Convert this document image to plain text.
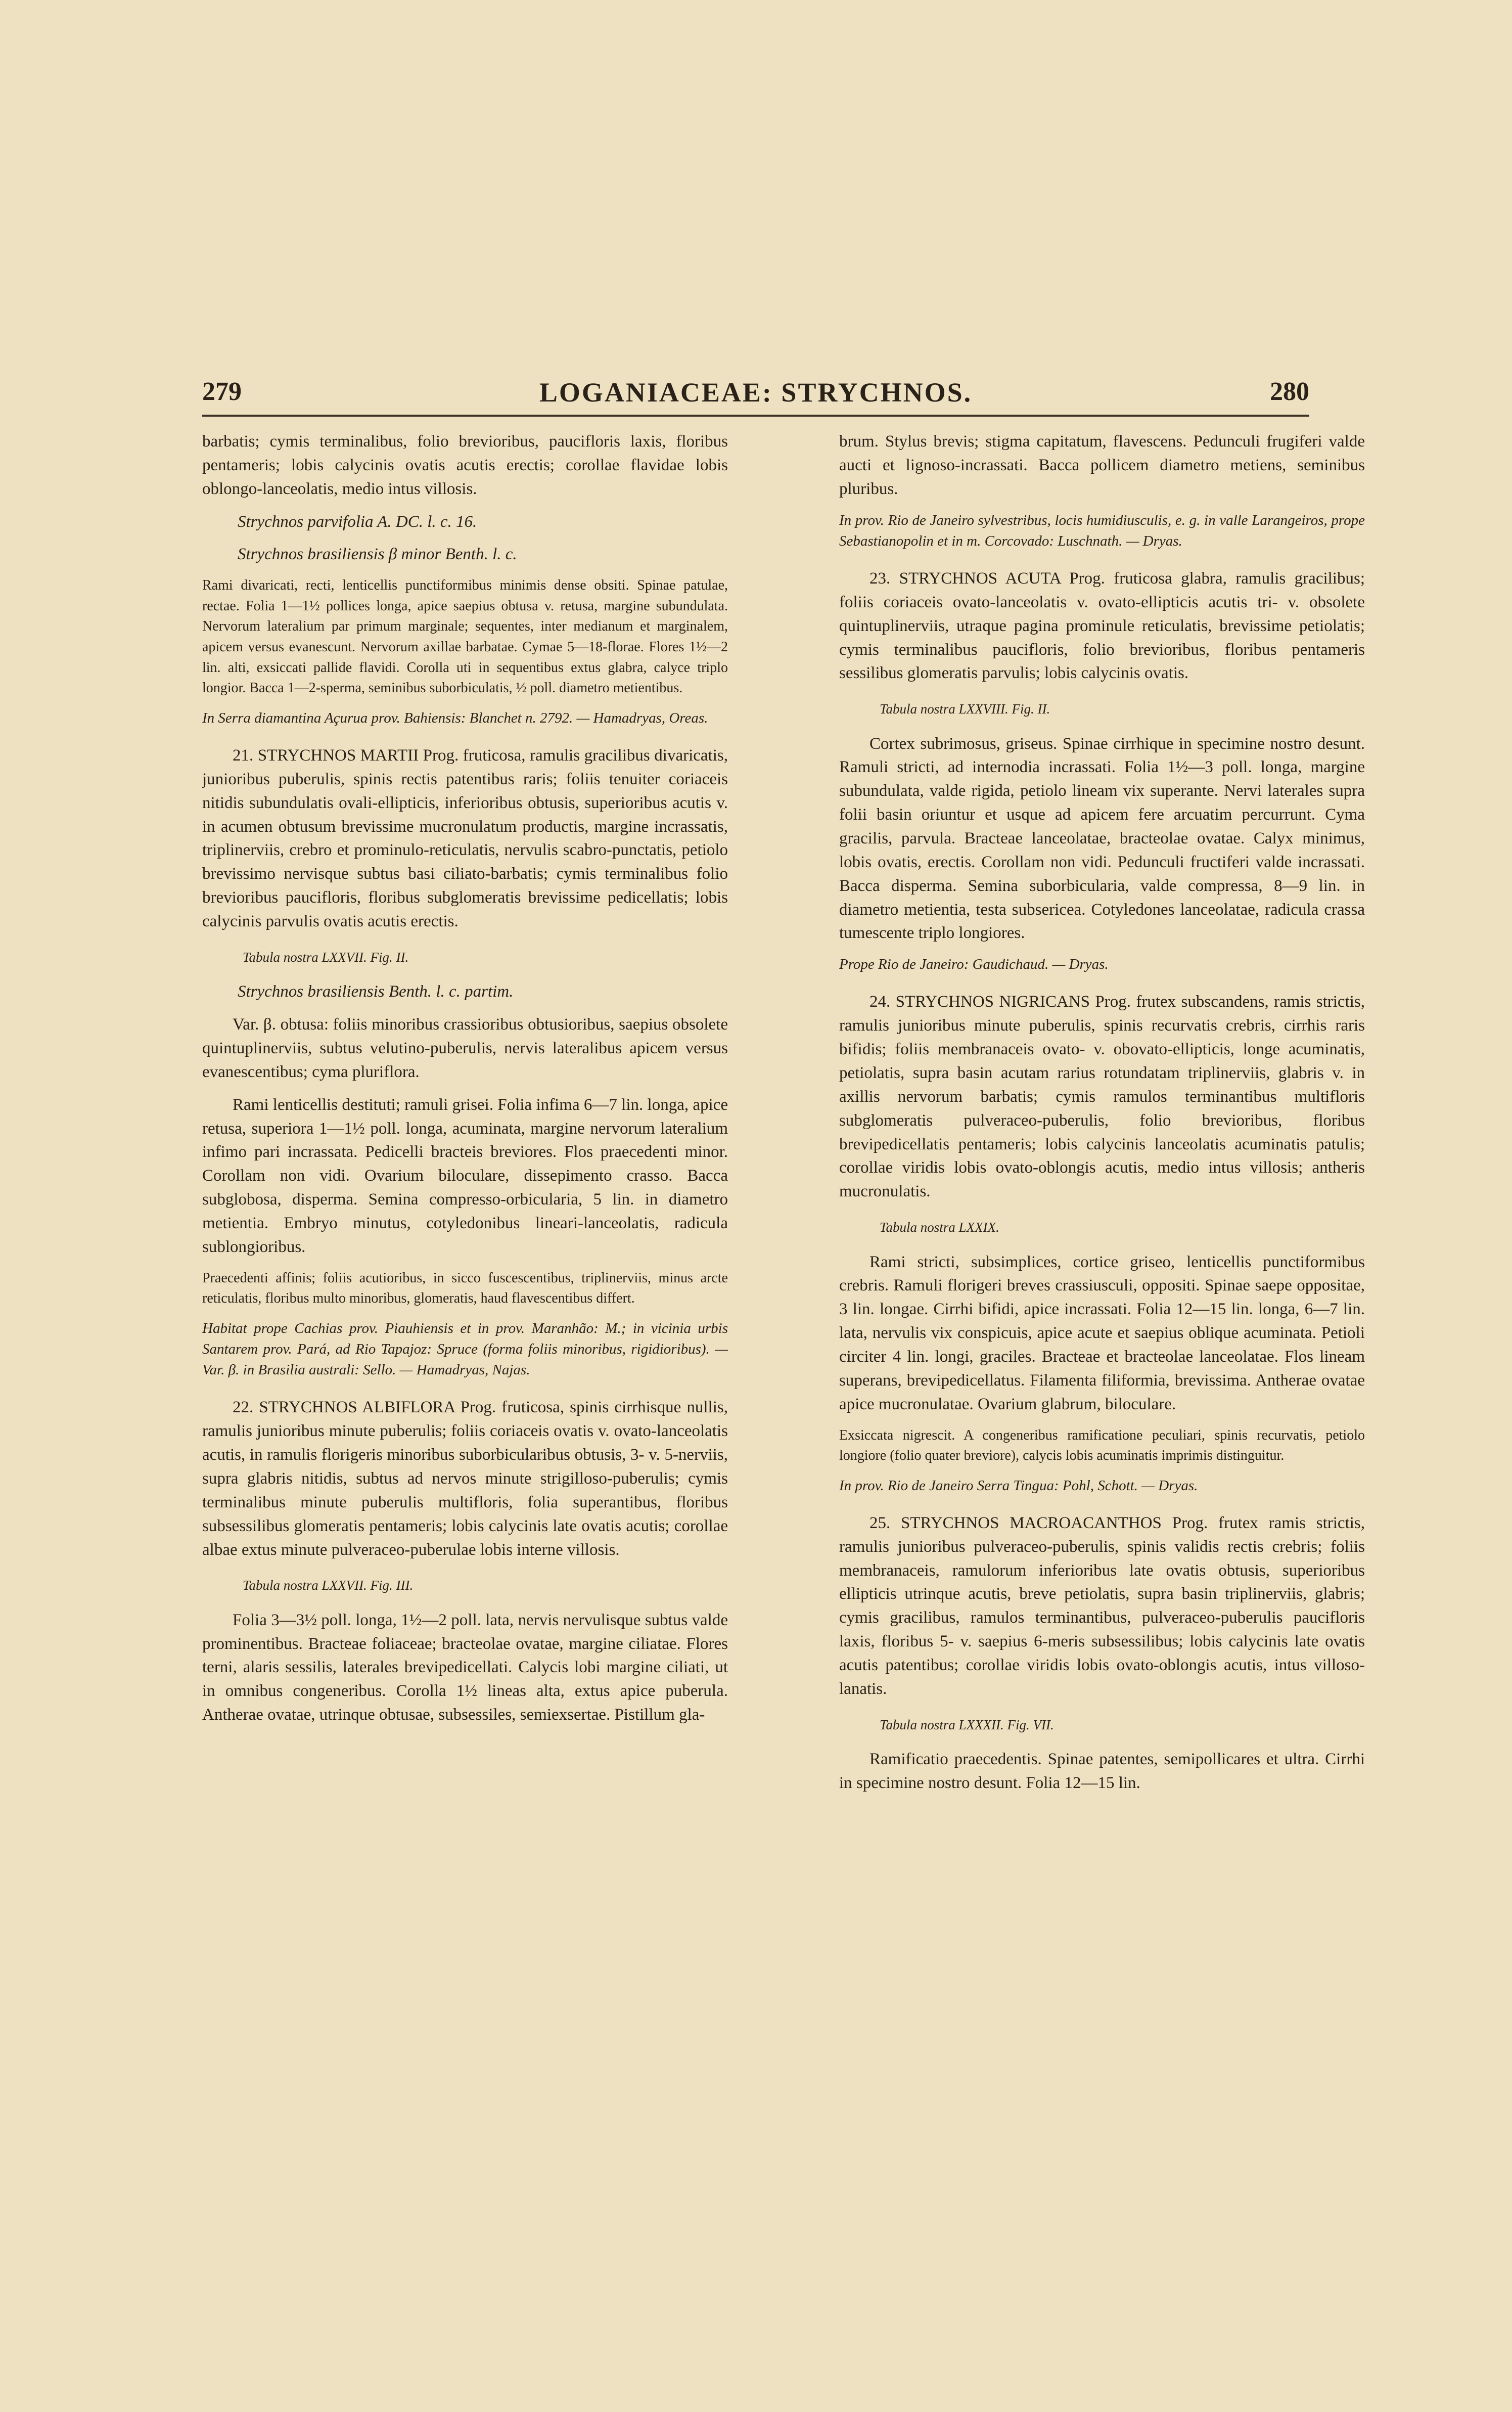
279	LOGANIACEAE: STRYCHNOS.	280

barbatis; cymis terminalibus, folio brevioribus, paucifloris laxis, floribus pentameris; lobis calycinis ovatis acutis erectis; corollae flavidae lobis oblongo-lanceolatis, medio intus villosis.

Strychnos parvifolia A. DC. l. c. 16.

Strychnos brasiliensis β minor Benth. l. c.

Rami divaricati, recti, lenticellis punctiformibus minimis dense obsiti. Spinae patulae, rectae. Folia 1—1½ pollices longa, apice saepius obtusa v. retusa, margine subundulata. Nervorum lateralium par primum marginale; sequentes, inter medianum et marginalem, apicem versus evanescunt. Nervorum axillae barbatae. Cymae 5—18-florae. Flores 1½—2 lin. alti, exsiccati pallide flavidi. Corolla uti in sequentibus extus glabra, calyce triplo longior. Bacca 1—2-sperma, seminibus suborbiculatis, ½ poll. diametro metientibus.

In Serra diamantina Açurua prov. Bahiensis: Blanchet n. 2792. — Hamadryas, Oreas.

21. STRYCHNOS MARTII Prog. fruticosa, ramulis gracilibus divaricatis, junioribus puberulis, spinis rectis patentibus raris; foliis tenuiter coriaceis nitidis subundulatis ovali-ellipticis, inferioribus obtusis, superioribus acutis v. in acumen obtusum brevissime mucronulatum productis, margine incrassatis, triplinerviis, crebro et prominulo-reticulatis, nervulis scabro-punctatis, petiolo brevissimo nervisque subtus basi ciliato-barbatis; cymis terminalibus folio brevioribus paucifloris, floribus subglomeratis brevissime pedicellatis; lobis calycinis parvulis ovatis acutis erectis.

Tabula nostra LXXVII. Fig. II.

Strychnos brasiliensis Benth. l. c. partim.

Var. β. obtusa: foliis minoribus crassioribus obtusioribus, saepius obsolete quintuplinerviis, subtus velutino-puberulis, nervis lateralibus apicem versus evanescentibus; cyma pluriflora.

Rami lenticellis destituti; ramuli grisei. Folia infima 6—7 lin. longa, apice retusa, superiora 1—1½ poll. longa, acuminata, margine nervorum lateralium infimo pari incrassata. Pedicelli bracteis breviores. Flos praecedenti minor. Corollam non vidi. Ovarium biloculare, dissepimento crasso. Bacca subglobosa, disperma. Semina compresso-orbicularia, 5 lin. in diametro metientia. Embryo minutus, cotyledonibus lineari-lanceolatis, radicula sublongioribus.

Praecedenti affinis; foliis acutioribus, in sicco fuscescentibus, triplinerviis, minus arcte reticulatis, floribus multo minoribus, glomeratis, haud flavescentibus differt.

Habitat prope Cachias prov. Piauhiensis et in prov. Maranhão: M.; in vicinia urbis Santarem prov. Pará, ad Rio Tapajoz: Spruce (forma foliis minoribus, rigidioribus). — Var. β. in Brasilia australi: Sello. — Hamadryas, Najas.

22. STRYCHNOS ALBIFLORA Prog. fruticosa, spinis cirrhisque nullis, ramulis junioribus minute puberulis; foliis coriaceis ovatis v. ovato-lanceolatis acutis, in ramulis florigeris minoribus suborbicularibus obtusis, 3- v. 5-nerviis, supra glabris nitidis, subtus ad nervos minute strigilloso-puberulis; cymis terminalibus minute puberulis multifloris, folia superantibus, floribus subsessilibus glomeratis pentameris; lobis calycinis late ovatis acutis; corollae albae extus minute pulveraceo-puberulae lobis interne villosis.

Tabula nostra LXXVII. Fig. III.

Folia 3—3½ poll. longa, 1½—2 poll. lata, nervis nervulisque subtus valde prominentibus. Bracteae foliaceae; bracteolae ovatae, margine ciliatae. Flores terni, alaris sessilis, laterales brevipedicellati. Calycis lobi margine ciliati, ut in omnibus congeneribus. Corolla 1½ lineas alta, extus apice puberula. Antherae ovatae, utrinque obtusae, subsessiles, semiexsertae. Pistillum gla-

brum. Stylus brevis; stigma capitatum, flavescens. Pedunculi frugiferi valde aucti et lignoso-incrassati. Bacca pollicem diametro metiens, seminibus pluribus.

In prov. Rio de Janeiro sylvestribus, locis humidiusculis, e. g. in valle Larangeiros, prope Sebastianopolin et in m. Corcovado: Luschnath. — Dryas.

23. STRYCHNOS ACUTA Prog. fruticosa glabra, ramulis gracilibus; foliis coriaceis ovato-lanceolatis v. ovato-ellipticis acutis tri- v. obsolete quintuplinerviis, utraque pagina prominule reticulatis, brevissime petiolatis; cymis terminalibus paucifloris, folio brevioribus, floribus pentameris sessilibus glomeratis parvulis; lobis calycinis ovatis.

Tabula nostra LXXVIII. Fig. II.

Cortex subrimosus, griseus. Spinae cirrhique in specimine nostro desunt. Ramuli stricti, ad internodia incrassati. Folia 1½—3 poll. longa, margine subundulata, valde rigida, petiolo lineam vix superante. Nervi laterales supra folii basin oriuntur et usque ad apicem fere arcuatim percurrunt. Cyma gracilis, parvula. Bracteae lanceolatae, bracteolae ovatae. Calyx minimus, lobis ovatis, erectis. Corollam non vidi. Pedunculi fructiferi valde incrassati. Bacca disperma. Semina suborbicularia, valde compressa, 8—9 lin. in diametro metientia, testa subsericea. Cotyledones lanceolatae, radicula crassa tumescente triplo longiores.

Prope Rio de Janeiro: Gaudichaud. — Dryas.

24. STRYCHNOS NIGRICANS Prog. frutex subscandens, ramis strictis, ramulis junioribus minute puberulis, spinis recurvatis crebris, cirrhis raris bifidis; foliis membranaceis ovato- v. obovato-ellipticis, longe acuminatis, petiolatis, supra basin acutam rarius rotundatam triplinerviis, glabris v. in axillis nervorum barbatis; cymis ramulos terminantibus multifloris subglomeratis pulveraceo-puberulis, folio brevioribus, floribus brevipedicellatis pentameris; lobis calycinis lanceolatis acuminatis patulis; corollae viridis lobis ovato-oblongis acutis, medio intus villosis; antheris mucronulatis.

Tabula nostra LXXIX.

Rami stricti, subsimplices, cortice griseo, lenticellis punctiformibus crebris. Ramuli florigeri breves crassiusculi, oppositi. Spinae saepe oppositae, 3 lin. longae. Cirrhi bifidi, apice incrassati. Folia 12—15 lin. longa, 6—7 lin. lata, nervulis vix conspicuis, apice acute et saepius oblique acuminata. Petioli circiter 4 lin. longi, graciles. Bracteae et bracteolae lanceolatae. Flos lineam superans, brevipedicellatus. Filamenta filiformia, brevissima. Antherae ovatae apice mucronulatae. Ovarium glabrum, biloculare.

Exsiccata nigrescit. A congeneribus ramificatione peculiari, spinis recurvatis, petiolo longiore (folio quater breviore), calycis lobis acuminatis imprimis distinguitur.

In prov. Rio de Janeiro Serra Tingua: Pohl, Schott. — Dryas.

25. STRYCHNOS MACROACANTHOS Prog. frutex ramis strictis, ramulis junioribus pulveraceo-puberulis, spinis validis rectis crebris; foliis membranaceis, ramulorum inferioribus late ovatis obtusis, superioribus ellipticis utrinque acutis, breve petiolatis, supra basin triplinerviis, glabris; cymis gracilibus, ramulos terminantibus, pulveraceo-puberulis paucifloris laxis, floribus 5- v. saepius 6-meris subsessilibus; lobis calycinis late ovatis acutis patentibus; corollae viridis lobis ovato-oblongis acutis, intus villoso-lanatis.

Tabula nostra LXXXII. Fig. VII.

Ramificatio praecedentis. Spinae patentes, semipollicares et ultra. Cirrhi in specimine nostro desunt. Folia 12—15 lin.
